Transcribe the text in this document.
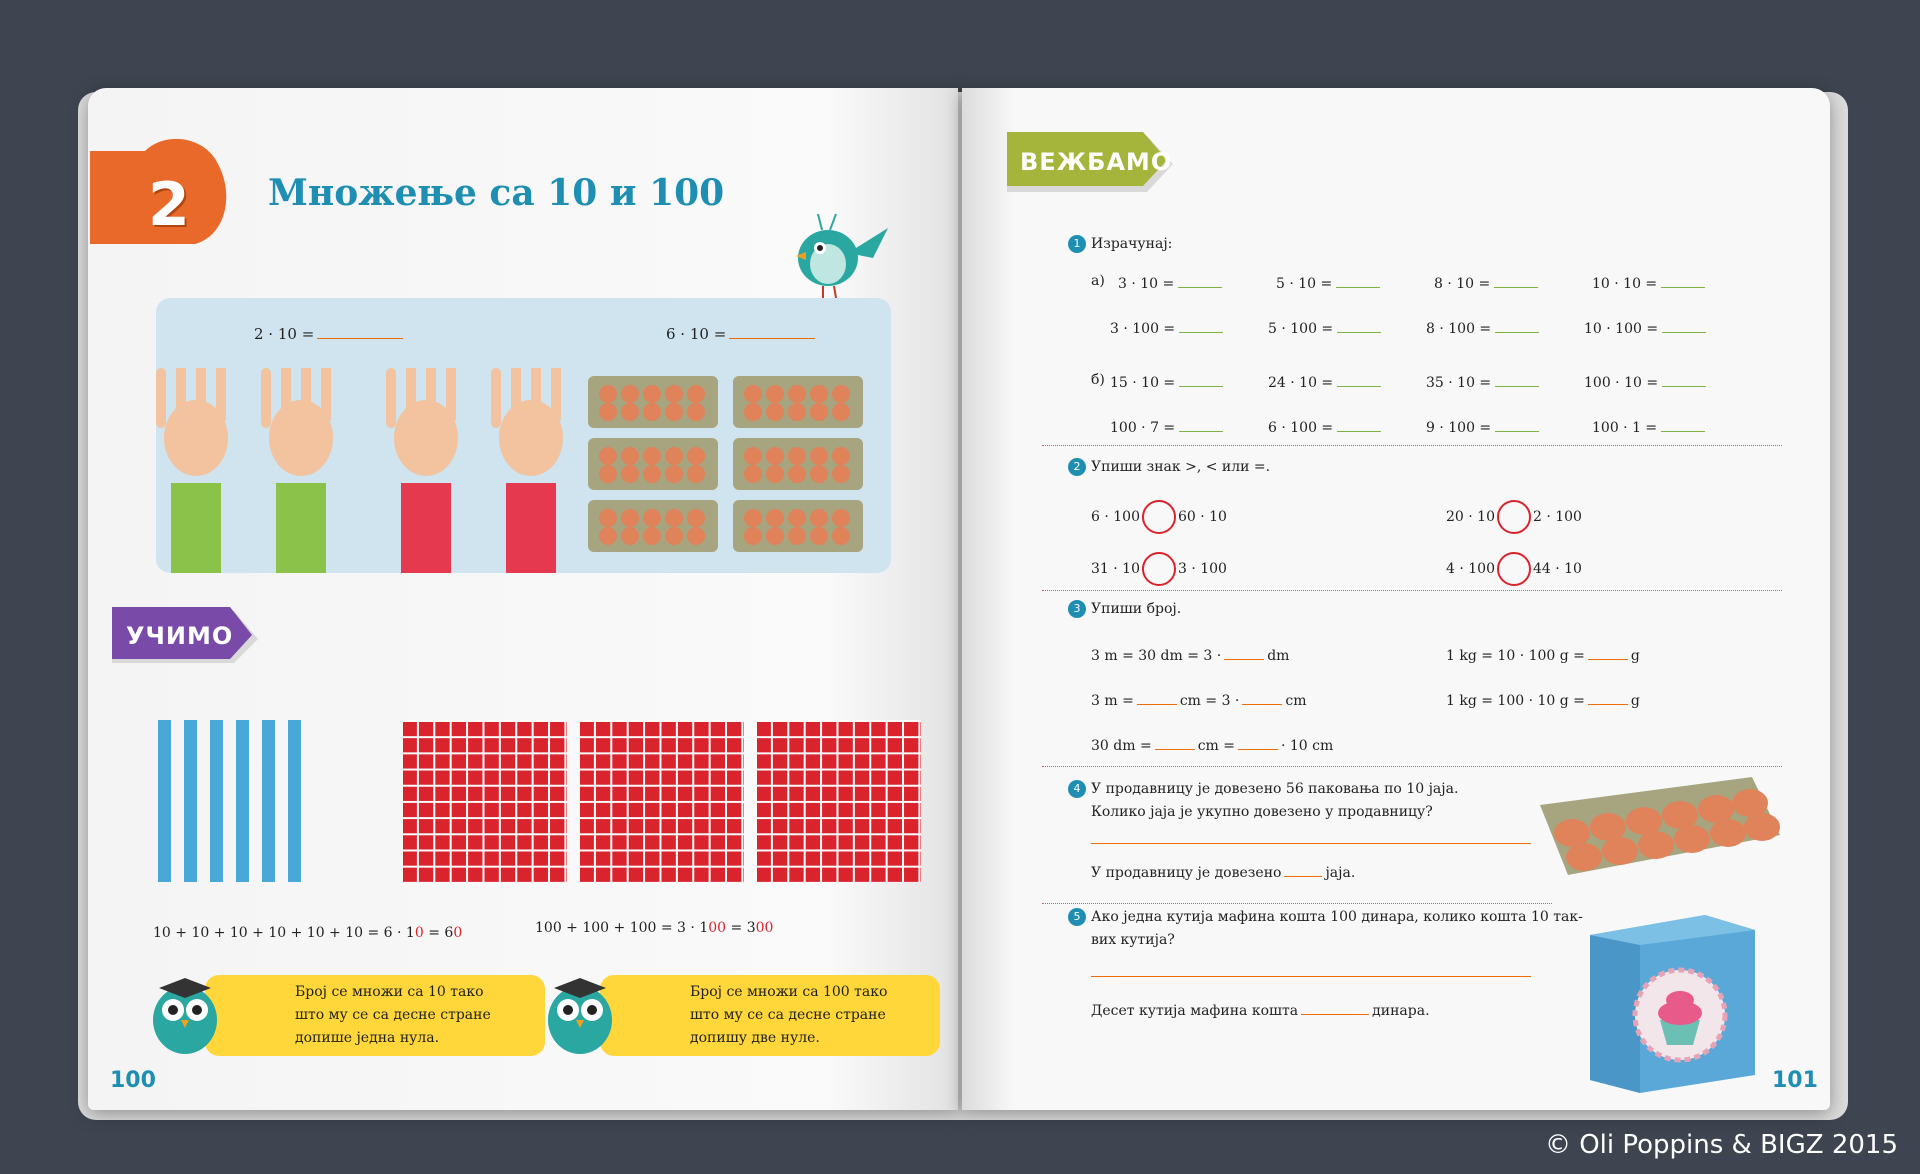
2 Множење са 10 и 100
2 · 10 =	6 · 10 =
УЧИМО
10 + 10 + 10 + 10 + 10 + 10 = 6 · 10 = 60	100 + 100 + 100 = 3 · 100 = 300
Број се множи са 10 тако
што му се са десне стране
допише једна нула.
Број се множи са 100 тако
што му се са десне стране
допишу две нуле.
100
ВЕЖБАМО
1 Израчунај:
а)
б)
3 · 10 =	5 · 10 =	8 · 10 =	10 · 10 =
3 · 100 =	5 · 100 =	8 · 100 =	10 · 100 =
15 · 10 =	24 · 10 =	35 · 10 =	100 · 10 =
100 · 7 =	6 · 100 =	9 · 100 =	100 · 1 =
2 Упиши знак >, < или =.
6 · 100	60 · 10	20 · 10	2 · 100
31 · 10	3 · 100	4 · 100	44 · 10
3 Упиши број.
3 m = 30 dm = 3 ·	dm	1 kg = 10 · 100 g =	g
3 m =	cm = 3 ·	cm	1 kg = 100 · 10 g =	g
30 dm =	cm =	· 10 cm
4 У продавницу је довезено 56 паковања по 10 јаја.
Колико јаја је укупно довезено у продавницу?
У продавницу је довезено	јаја.
5 Ако једна кутија мафина кошта 100 динара, колико кошта 10 так-
вих кутија?
Десет кутија мафина кошта	динара.
101
© Oli Poppins & BIGZ 2015
